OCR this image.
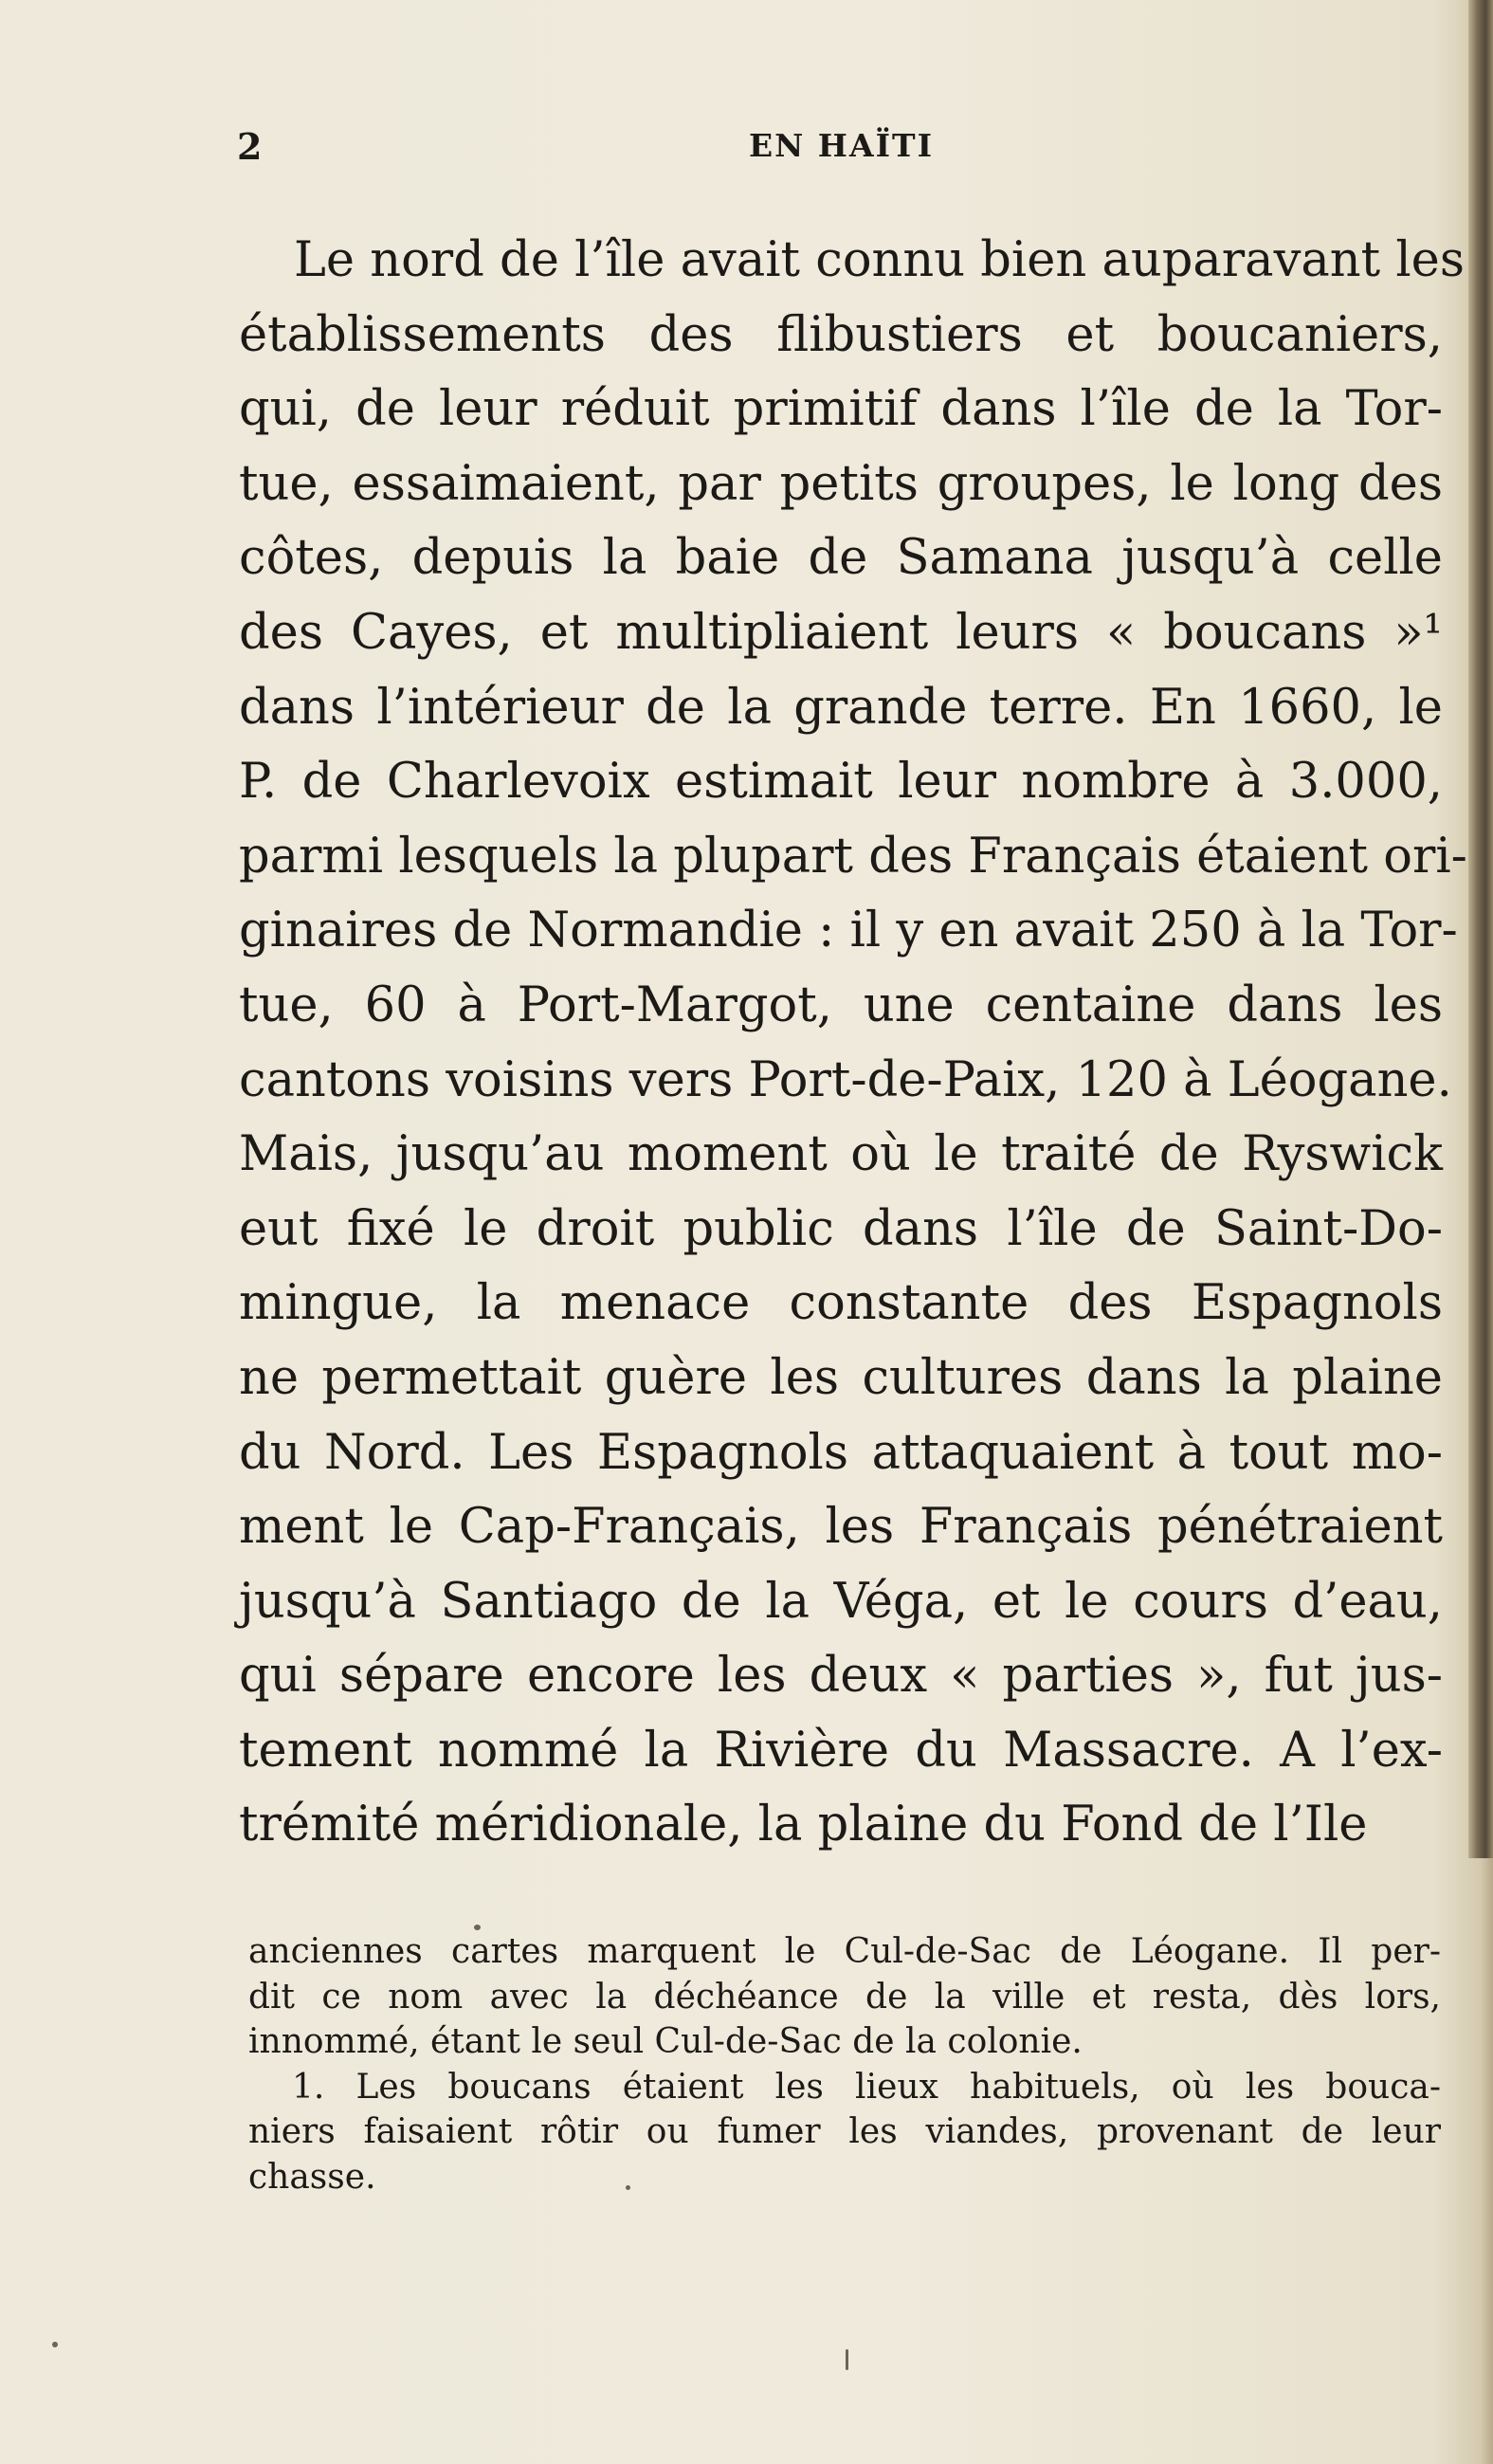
2	EN HAÏTI
Le nord de l’île avait connu bien auparavant les
établissements des flibustiers et boucaniers,
qui, de leur réduit primitif dans l’île de la Tor-
tue, essaimaient, par petits groupes, le long des
côtes, depuis la baie de Samana jusqu’à celle
des Cayes, et multipliaient leurs « boucans »¹
dans l’intérieur de la grande terre. En 1660, le
P. de Charlevoix estimait leur nombre à 3.000,
parmi lesquels la plupart des Français étaient ori-
ginaires de Normandie : il y en avait 250 à la Tor-
tue, 60 à Port-Margot, une centaine dans les
cantons voisins vers Port-de-Paix, 120 à Léogane.
Mais, jusqu’au moment où le traité de Ryswick
eut fixé le droit public dans l’île de Saint-Do-
mingue, la menace constante des Espagnols
ne permettait guère les cultures dans la plaine
du Nord. Les Espagnols attaquaient à tout mo-
ment le Cap-Français, les Français pénétraient
jusqu’à Santiago de la Véga, et le cours d’eau,
qui sépare encore les deux « parties », fut jus-
tement nommé la Rivière du Massacre. A l’ex-
trémité méridionale, la plaine du Fond de l’Ile
anciennes cartes marquent le Cul-de-Sac de Léogane. Il per-
dit ce nom avec la déchéance de la ville et resta, dès lors,
innommé, étant le seul Cul-de-Sac de la colonie.
1. Les boucans étaient les lieux habituels, où les bouca-
niers faisaient rôtir ou fumer les viandes, provenant de leur
chasse.
